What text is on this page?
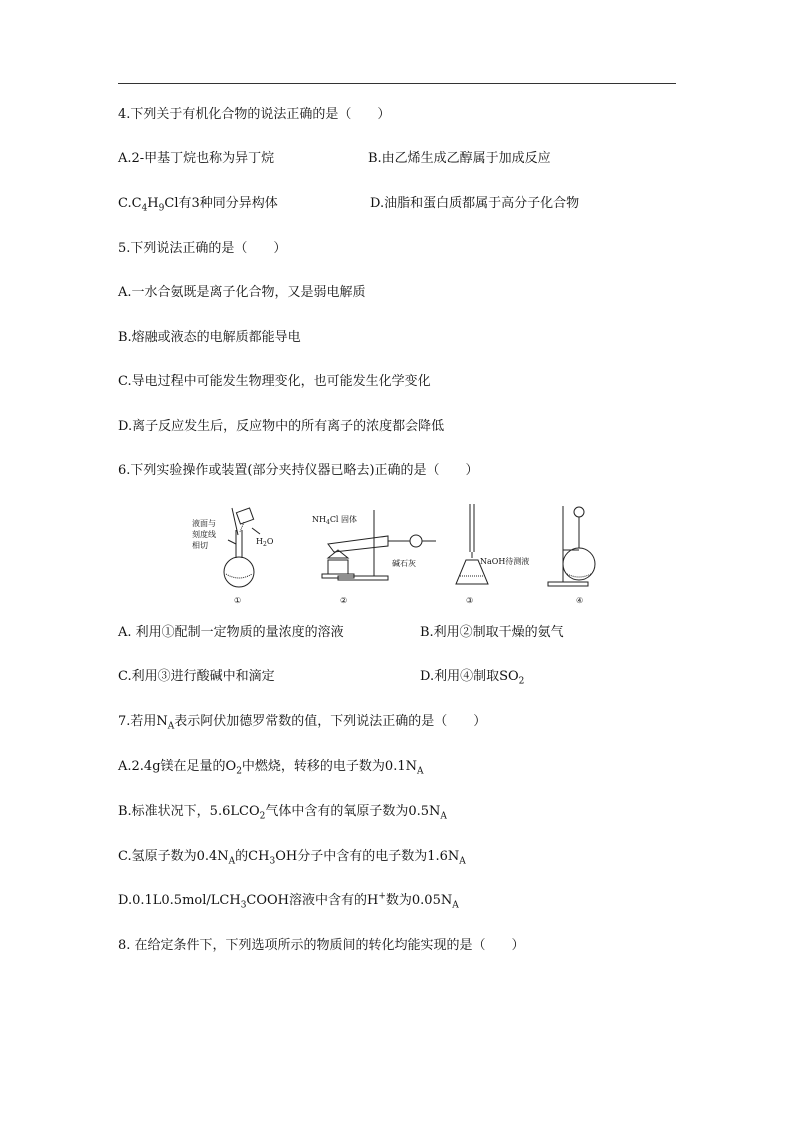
4.下列关于有机化合物的说法正确的是（　　）
A.2-甲基丁烷也称为异丁烷	B.由乙烯生成乙醇属于加成反应
$C.C_4H_9Cl$有3种同分异构体	D.油脂和蛋白质都属于高分子化合物
5.下列说法正确的是（　　）
A.一水合氨既是离子化合物，又是弱电解质
B.熔融或液态的电解质都能导电
C.导电过程中可能发生物理变化，也可能发生化学变化
D.离子反应发生后，反应物中的所有离子的浓度都会降低
6.下列实验操作或装置(部分夹持仪器已略去)正确的是（　　）
液面与
刻度线
相切	$H_2O$
$NH_4Cl$ 固体
碱石灰	NaOH待测液
①	②	③	④
A. 利用①配制一定物质的量浓度的溶液	B.利用②制取干燥的氨气
C.利用③进行酸碱中和滴定	D.利用④制取$SO_2$
7.若用$N_A$表示阿伏加德罗常数的值，下列说法正确的是（　　）
A.2.4g镁在足量的$O_2$中燃烧，转移的电子数为$0.1N_A$
B.标准状况下，$5.6LCO_2$气体中含有的氧原子数为$0.5N_A$
C.氢原子数为$0.4N_A$的$CH_3OH$分子中含有的电子数为$1.6N_A$
$D.0.1L0.5mol/LCH_3COOH$溶液中含有的H+数为$0.05N_A$
8. 在给定条件下，下列选项所示的物质间的转化均能实现的是（　　）
